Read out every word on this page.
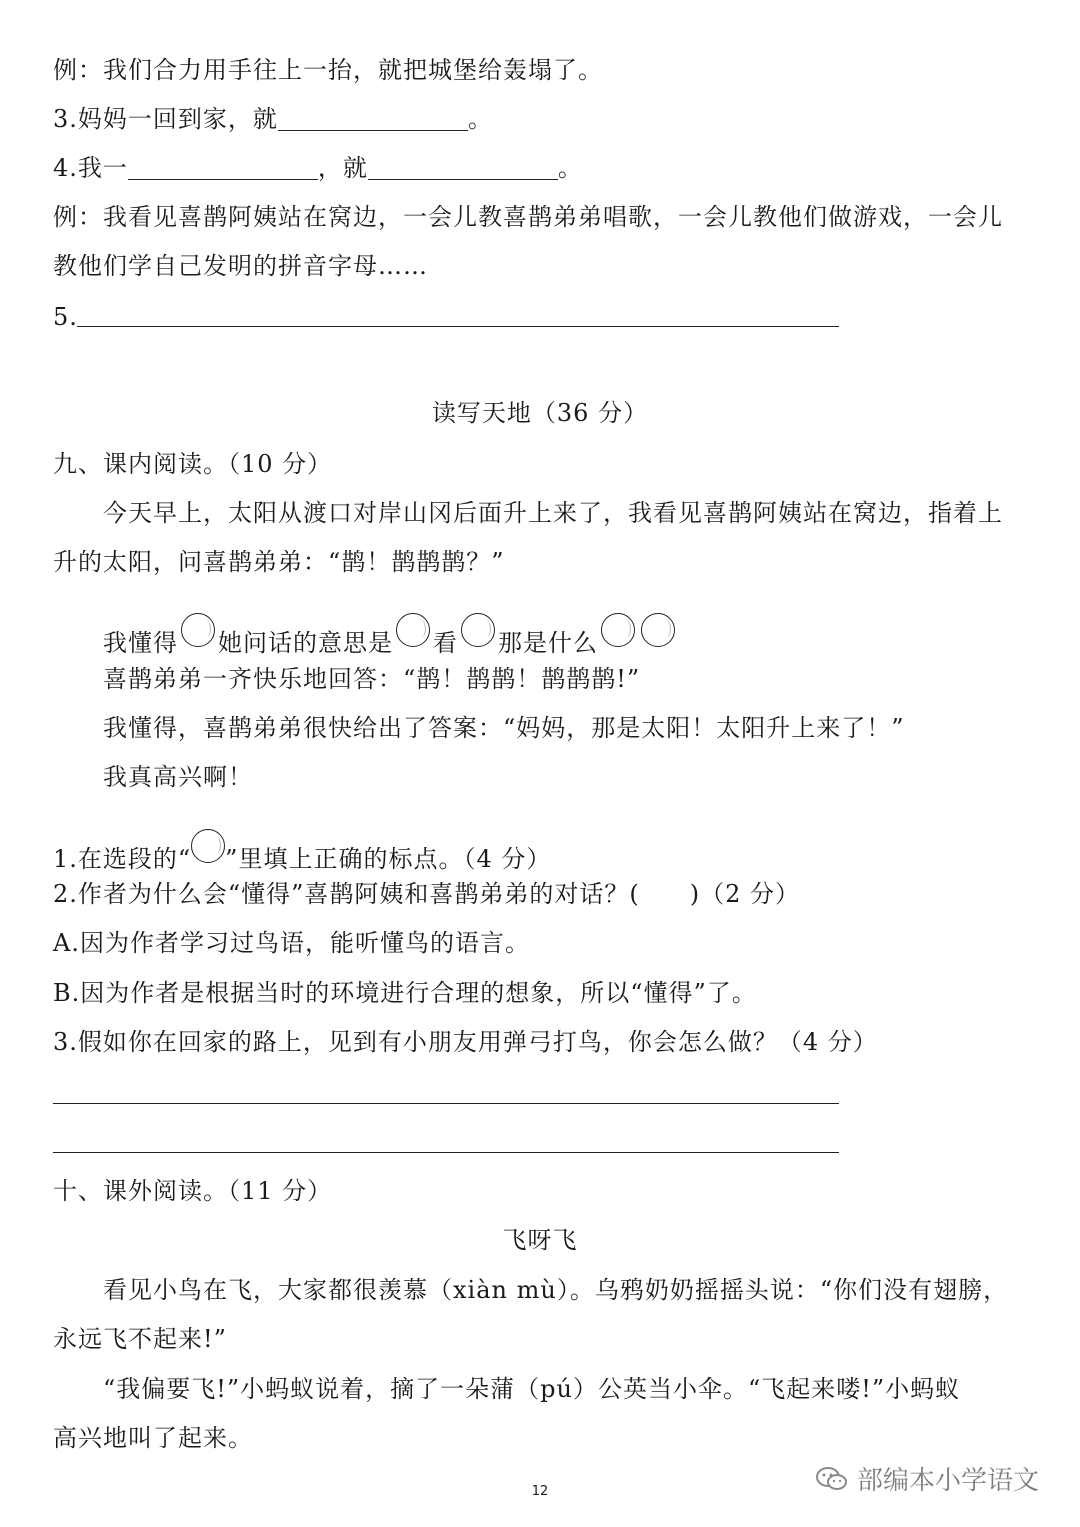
例：我们合力用手往上一抬，就把城堡给轰塌了。
3.妈妈一回到家，就	。
4.我一	，就	。
例：我看见喜鹊阿姨站在窝边，一会儿教喜鹊弟弟唱歌，一会儿教他们做游戏，一会儿
教他们学自己发明的拼音字母……
5.
读写天地（36 分）
九、课内阅读。（10 分）
今天早上，太阳从渡口对岸山冈后面升上来了，我看见喜鹊阿姨站在窝边，指着上
升的太阳，问喜鹊弟弟：“鹊！鹊鹊鹊？”
我懂得 她问话的意思是 看 那是什么
喜鹊弟弟一齐快乐地回答：“鹊！鹊鹊！鹊鹊鹊!”
我懂得，喜鹊弟弟很快给出了答案：“妈妈，那是太阳！太阳升上来了！”
我真高兴啊！
1.在选段的“ ”里填上正确的标点。（4 分）
2.作者为什么会“懂得”喜鹊阿姨和喜鹊弟弟的对话？(　　)（2 分）
A.因为作者学习过鸟语，能听懂鸟的语言。
B.因为作者是根据当时的环境进行合理的想象，所以“懂得”了。
3.假如你在回家的路上，见到有小朋友用弹弓打鸟，你会怎么做？（4 分）
十、课外阅读。（11 分）
飞呀飞
看见小鸟在飞，大家都很羡慕（xiàn mù）。乌鸦奶奶摇摇头说：“你们没有翅膀，
永远飞不起来!”
“我偏要飞!”小蚂蚁说着，摘了一朵蒲（pú）公英当小伞。“飞起来喽!”小蚂蚁
高兴地叫了起来。
12	部编本小学语文
